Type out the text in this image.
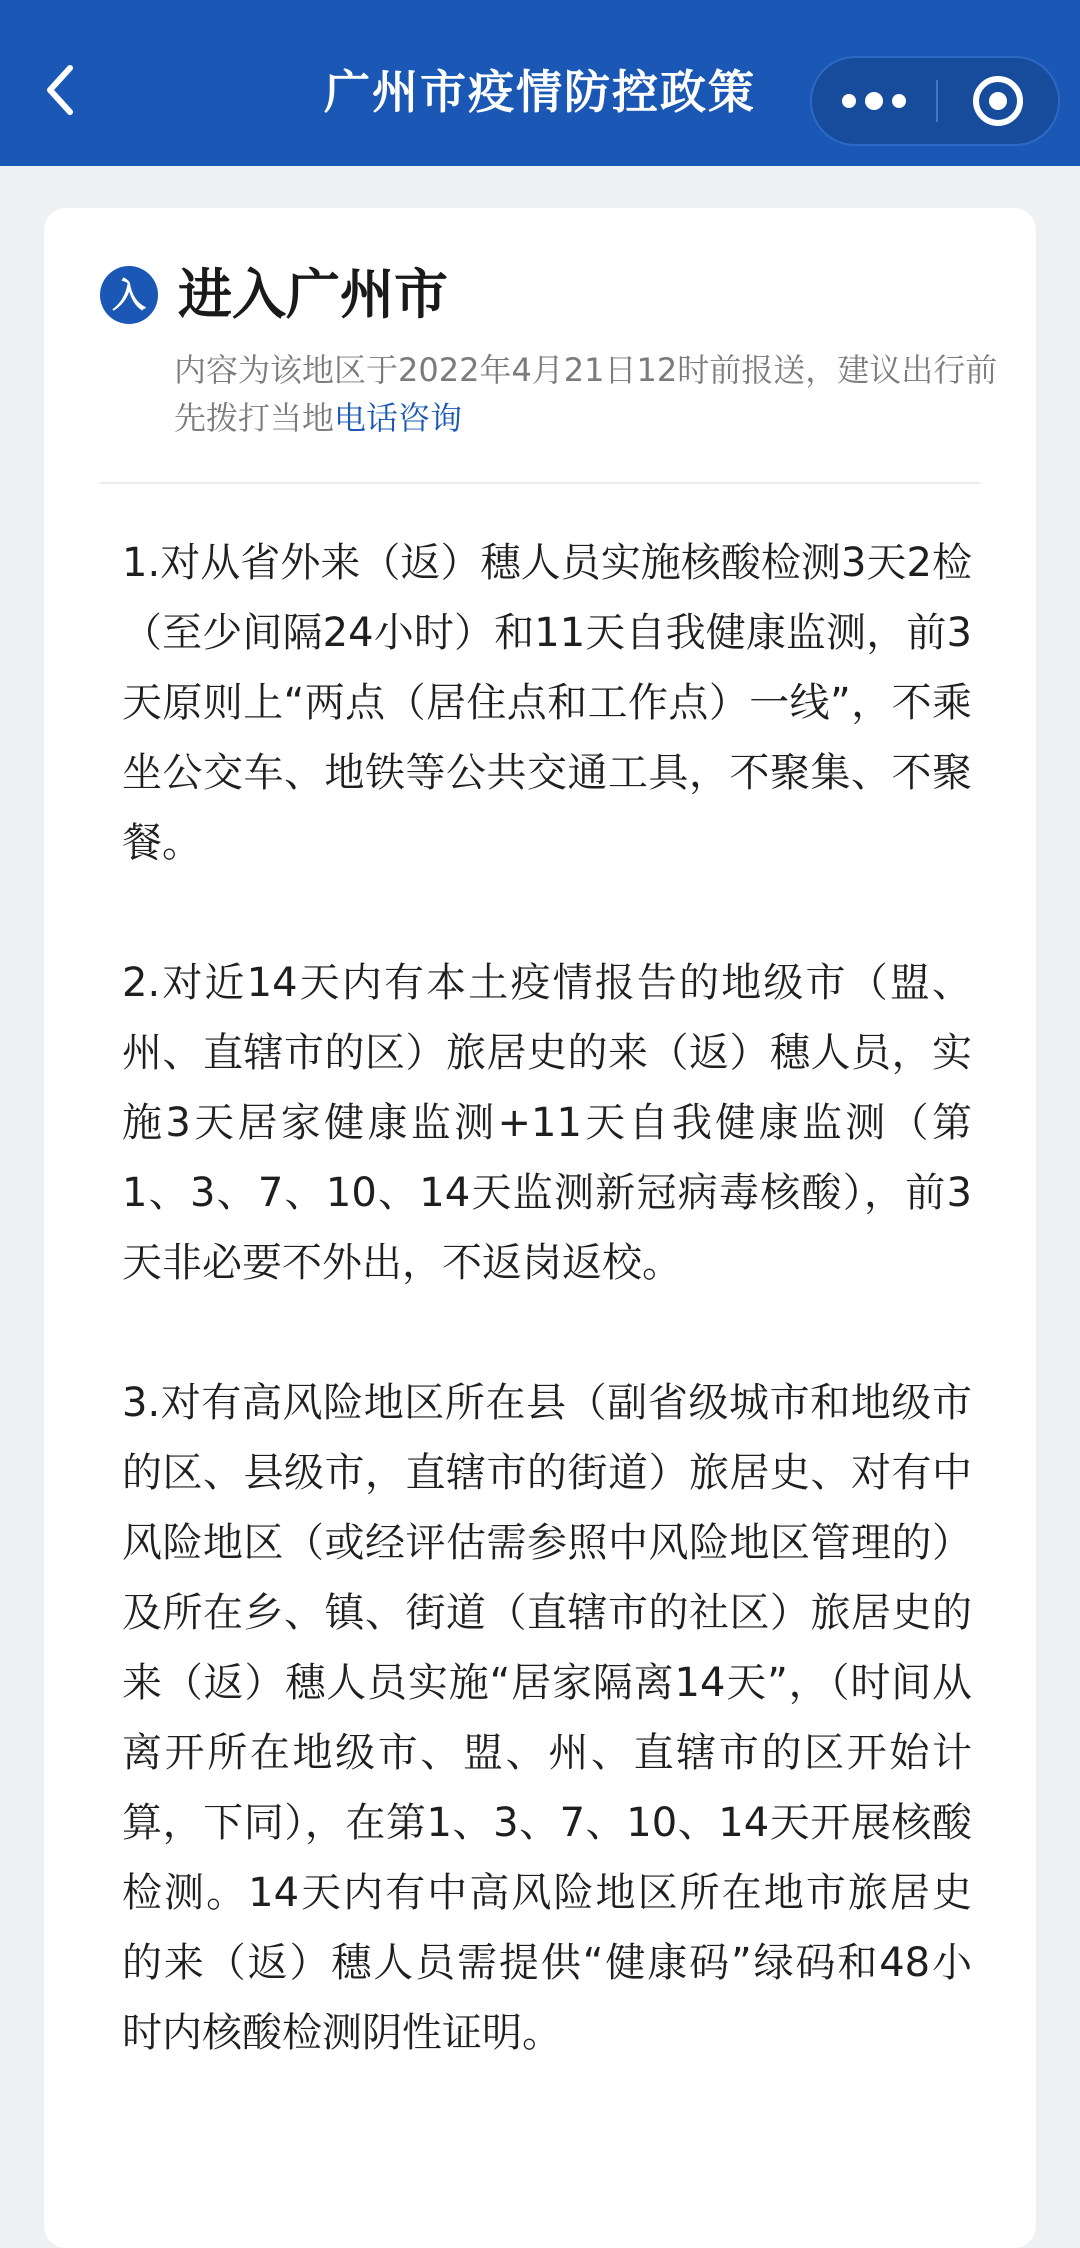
广州市疫情防控政策
入 进入广州市
内容为该地区于2022年4月21日12时前报送，建议出行前先拨打当地电话咨询

1.对从省外来（返）穗人员实施核酸检测3天2检（至少间隔24小时）和11天自我健康监测，前3天原则上“两点（居住点和工作点）一线”，不乘坐公交车、地铁等公共交通工具，不聚集、不聚餐。

2.对近14天内有本土疫情报告的地级市（盟、州、直辖市的区）旅居史的来（返）穗人员，实施3天居家健康监测+11天自我健康监测（第1、3、7、10、14天监测新冠病毒核酸），前3天非必要不外出，不返岗返校。

3.对有高风险地区所在县（副省级城市和地级市的区、县级市，直辖市的街道）旅居史、对有中风险地区（或经评估需参照中风险地区管理的）及所在乡、镇、街道（直辖市的社区）旅居史的来（返）穗人员实施“居家隔离14天”，（时间从离开所在地级市、盟、州、直辖市的区开始计算，下同），在第1、3、7、10、14天开展核酸检测。14天内有中高风险地区所在地市旅居史的来（返）穗人员需提供“健康码”绿码和48小时内核酸检测阴性证明。
